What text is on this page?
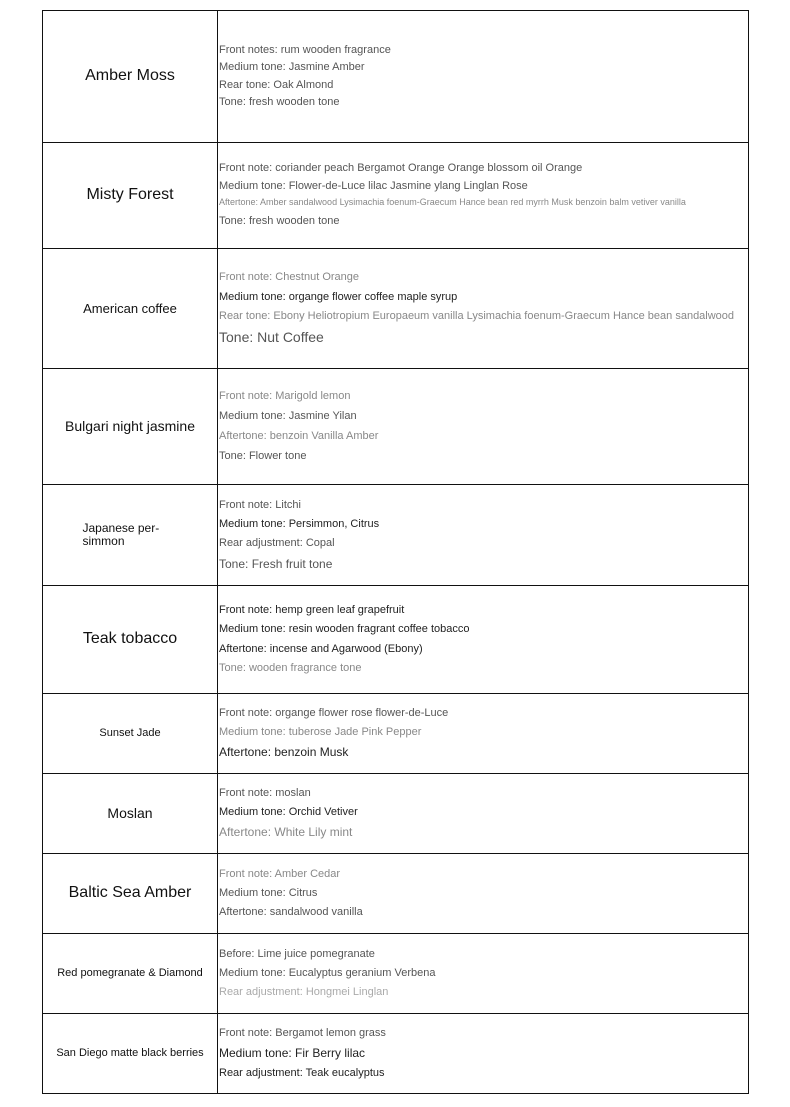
Amber Moss

Front notes: rum wooden fragrance

Medium tone: Jasmine Amber

Rear tone: Oak Almond

Tone: fresh wooden tone

Misty Forest

Front note: coriander peach Bergamot Orange Orange blossom oil Orange

Medium tone: Flower-de-Luce lilac Jasmine ylang Linglan Rose

Aftertone: Amber sandalwood Lysimachia foenum-Graecum Hance bean red myrrh Musk benzoin balm vetiver vanilla

Tone: fresh wooden tone

American coffee

Front note: Chestnut Orange

Medium tone: organge flower coffee maple syrup

Rear tone: Ebony Heliotropium Europaeum vanilla Lysimachia foenum-Graecum Hance bean sandalwood

Tone: Nut Coffee

Bulgari night jasmine

Front note: Marigold lemon

Medium tone: Jasmine Yilan

Aftertone: benzoin Vanilla Amber

Tone: Flower tone

Japanese per-simmon

Front note: Litchi

Medium tone: Persimmon, Citrus

Rear adjustment: Copal

Tone: Fresh fruit tone

Teak tobacco

Front note: hemp green leaf grapefruit

Medium tone: resin wooden fragrant coffee tobacco

Aftertone: incense and Agarwood (Ebony)

Tone: wooden fragrance tone

Sunset Jade

Front note: organge flower rose flower-de-Luce

Medium tone: tuberose Jade Pink Pepper

Aftertone: benzoin Musk

Moslan

Front note: moslan

Medium tone: Orchid Vetiver

Aftertone: White Lily mint

Baltic Sea Amber

Front note: Amber Cedar

Medium tone: Citrus

Aftertone: sandalwood vanilla

Red pomegranate & Diamond

Before: Lime juice pomegranate

Medium tone: Eucalyptus geranium Verbena

Rear adjustment: Hongmei Linglan

San Diego matte black berries

Front note: Bergamot lemon grass

Medium tone: Fir Berry lilac

Rear adjustment: Teak eucalyptus
